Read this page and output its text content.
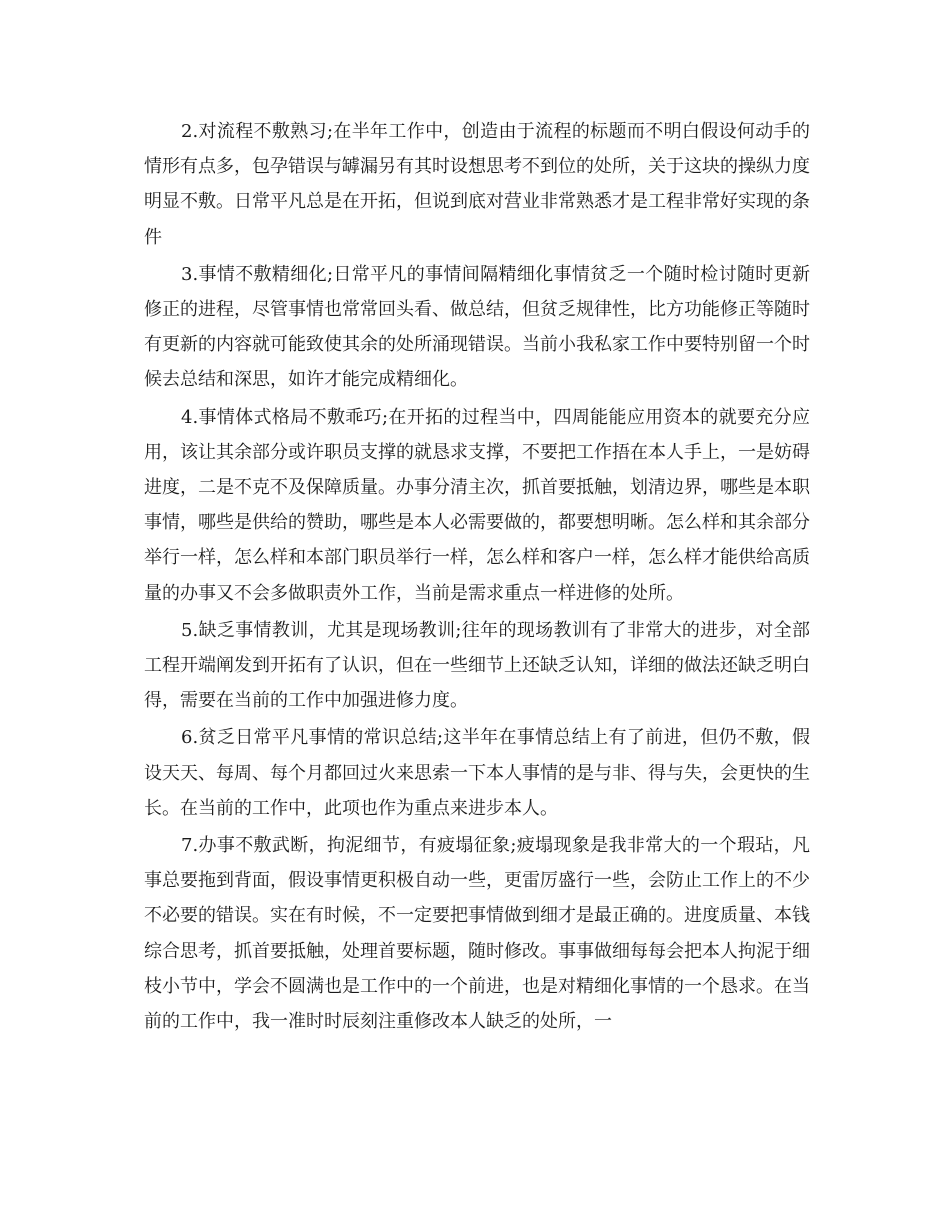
2.对流程不敷熟习;在半年工作中，创造由于流程的标题而不明白假设何动手的情形有点多，包孕错误与罅漏另有其时设想思考不到位的处所，关于这块的操纵力度明显不敷。日常平凡总是在开拓，但说到底对营业非常熟悉才是工程非常好实现的条件

3.事情不敷精细化;日常平凡的事情间隔精细化事情贫乏一个随时检讨随时更新修正的进程，尽管事情也常常回头看、做总结，但贫乏规律性，比方功能修正等随时有更新的内容就可能致使其余的处所涌现错误。当前小我私家工作中要特别留一个时候去总结和深思，如许才能完成精细化。

4.事情体式格局不敷乖巧;在开拓的过程当中，四周能能应用资本的就要充分应用，该让其余部分或许职员支撑的就恳求支撑，不要把工作捂在本人手上，一是妨碍进度，二是不克不及保障质量。办事分清主次，抓首要抵触，划清边界，哪些是本职事情，哪些是供给的赞助，哪些是本人必需要做的，都要想明晰。怎么样和其余部分举行一样，怎么样和本部门职员举行一样，怎么样和客户一样，怎么样才能供给高质量的办事又不会多做职责外工作，当前是需求重点一样进修的处所。

5.缺乏事情教训，尤其是现场教训;往年的现场教训有了非常大的进步，对全部工程开端阐发到开拓有了认识，但在一些细节上还缺乏认知，详细的做法还缺乏明白得，需要在当前的工作中加强进修力度。

6.贫乏日常平凡事情的常识总结;这半年在事情总结上有了前进，但仍不敷，假设天天、每周、每个月都回过火来思索一下本人事情的是与非、得与失，会更快的生长。在当前的工作中，此项也作为重点来进步本人。

7.办事不敷武断，拘泥细节，有疲塌征象;疲塌现象是我非常大的一个瑕玷，凡事总要拖到背面，假设事情更积极自动一些，更雷厉盛行一些，会防止工作上的不少不必要的错误。实在有时候，不一定要把事情做到细才是最正确的。进度质量、本钱综合思考，抓首要抵触，处理首要标题，随时修改。事事做细每每会把本人拘泥于细枝小节中，学会不圆满也是工作中的一个前进，也是对精细化事情的一个恳求。在当前的工作中，我一准时时辰刻注重修改本人缺乏的处所，一
